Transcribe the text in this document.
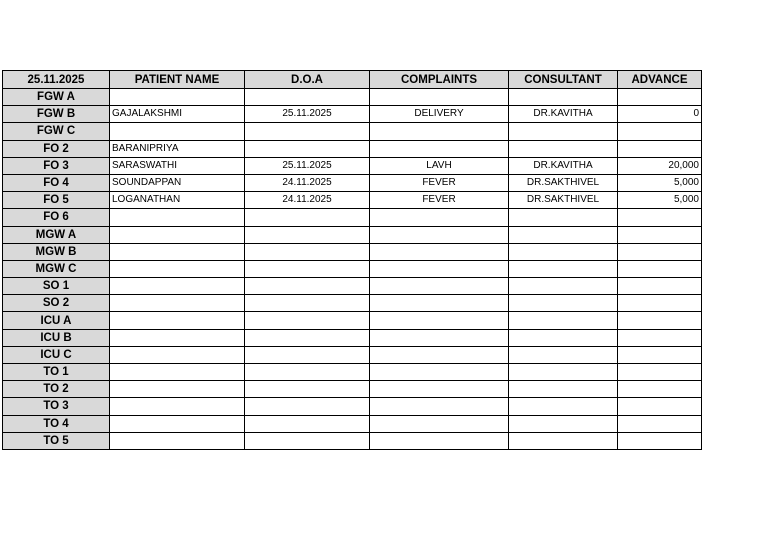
25.11.2025	PATIENT NAME	D.O.A	COMPLAINTS	CONSULTANT	ADVANCE
FGW A					
FGW B	GAJALAKSHMI	25.11.2025	DELIVERY	DR.KAVITHA	0
FGW C					
FO 2	BARANIPRIYA				
FO 3	SARASWATHI	25.11.2025	LAVH	DR.KAVITHA	20,000
FO 4	SOUNDAPPAN	24.11.2025	FEVER	DR.SAKTHIVEL	5,000
FO 5	LOGANATHAN	24.11.2025	FEVER	DR.SAKTHIVEL	5,000
FO 6					
MGW A					
MGW B					
MGW C					
SO 1					
SO 2					
ICU A					
ICU B					
ICU C					
TO 1					
TO 2					
TO 3					
TO 4					
TO 5					
